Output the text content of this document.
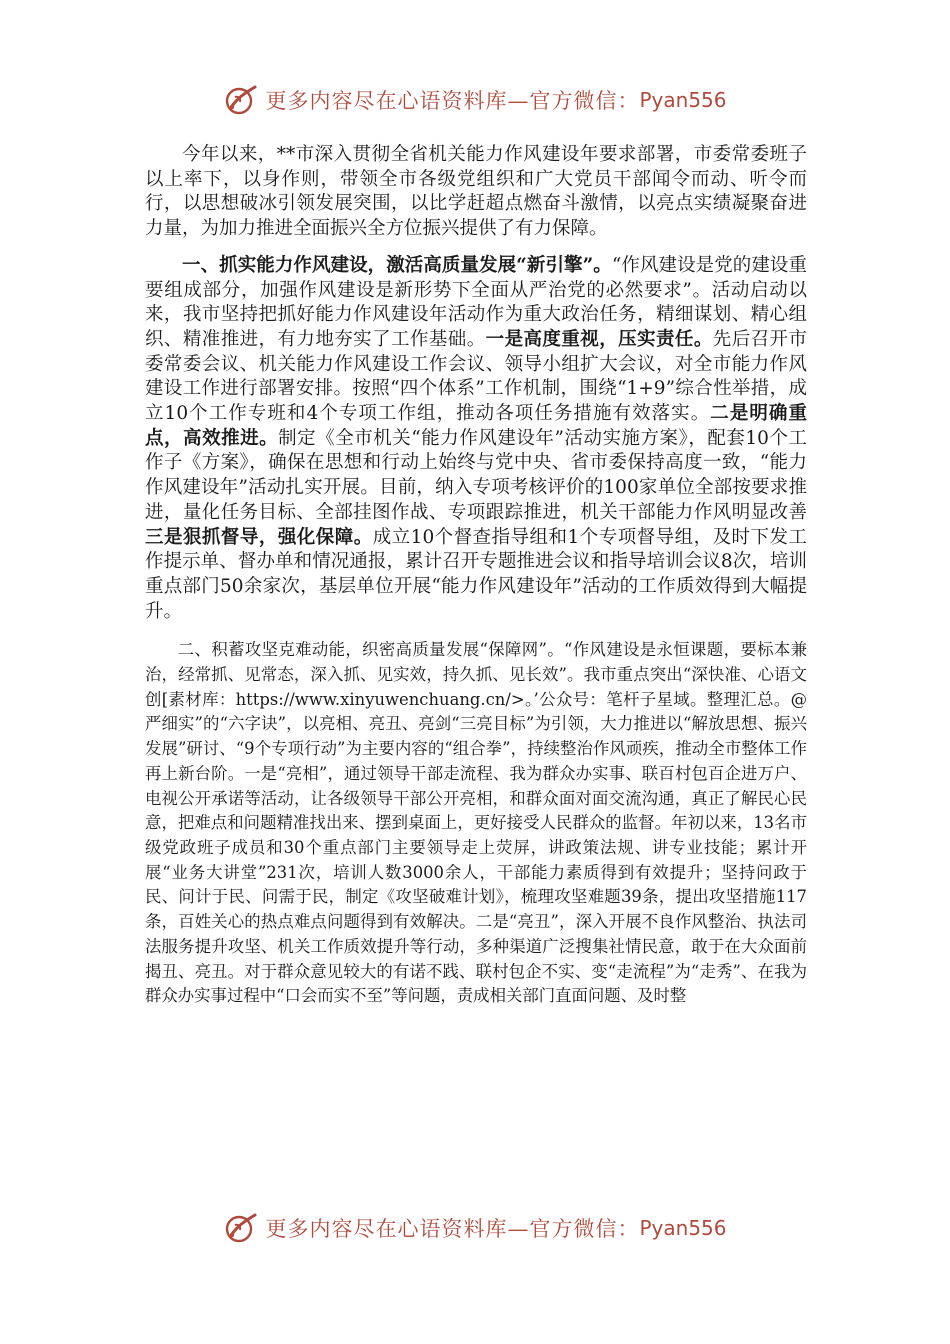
更多内容尽在心语资料库—官方微信： Pyan556

今年以来，**市深入贯彻全省机关能力作风建设年要求部署，市委常委班子以上率下，以身作则，带领全市各级党组织和广大党员干部闻令而动、听令而行，以思想破冰引领发展突围，以比学赶超点燃奋斗激情，以亮点实绩凝聚奋进力量，为加力推进全面振兴全方位振兴提供了有力保障。

一、抓实能力作风建设，激活高质量发展“新引擎”。“作风建设是党的建设重要组成部分，加强作风建设是新形势下全面从严治党的必然要求”。活动启动以来，我市坚持把抓好能力作风建设年活动作为重大政治任务，精细谋划、精心组织、精准推进，有力地夯实了工作基础。一是高度重视，压实责任。先后召开市委常委会议、机关能力作风建设工作会议、领导小组扩大会议，对全市能力作风建设工作进行部署安排。按照“四个体系”工作机制，围绕“1+9”综合性举措，成立10个工作专班和4个专项工作组，推动各项任务措施有效落实。二是明确重点，高效推进。制定《全市机关“能力作风建设年”活动实施方案》，配套10个工作子《方案》，确保在思想和行动上始终与党中央、省市委保持高度一致，“能力作风建设年”活动扎实开展。目前，纳入专项考核评价的100家单位全部按要求推进，量化任务目标、全部挂图作战、专项跟踪推进，机关干部能力作风明显改善三是狠抓督导，强化保障。成立10个督查指导组和1个专项督导组，及时下发工作提示单、督办单和情况通报，累计召开专题推进会议和指导培训会议8次，培训重点部门50余家次，基层单位开展“能力作风建设年”活动的工作质效得到大幅提升。

二、积蓄攻坚克难动能，织密高质量发展“保障网”。“作风建设是永恒课题，要标本兼治，经常抓、见常态，深入抓、见实效，持久抓、见长效”。我市重点突出“深快准、心语文创[素材库：https://www.xinyuwenchuang.cn/>。’公众号：笔杆子星域。整理汇总。@严细实”的“六字诀”，以亮相、亮丑、亮剑“三亮目标”为引领，大力推进以“解放思想、振兴发展”研讨、“9个专项行动”为主要内容的“组合拳”，持续整治作风顽疾，推动全市整体工作再上新台阶。一是“亮相”，通过领导干部走流程、我为群众办实事、联百村包百企进万户、电视公开承诺等活动，让各级领导干部公开亮相，和群众面对面交流沟通，真正了解民心民意，把难点和问题精准找出来、摆到桌面上，更好接受人民群众的监督。年初以来，13名市级党政班子成员和30个重点部门主要领导走上荧屏，讲政策法规、讲专业技能；累计开展“业务大讲堂”231次，培训人数3000余人，干部能力素质得到有效提升；坚持问政于民、问计于民、问需于民，制定《攻坚破难计划》，梳理攻坚难题39条，提出攻坚措施117条，百姓关心的热点难点问题得到有效解决。二是“亮丑”，深入开展不良作风整治、执法司法服务提升攻坚、机关工作质效提升等行动，多种渠道广泛搜集社情民意，敢于在大众面前揭丑、亮丑。对于群众意见较大的有诺不践、联村包企不实、变“走流程”为“走秀”、在我为群众办实事过程中“口会而实不至”等问题，责成相关部门直面问题、及时整

更多内容尽在心语资料库—官方微信： Pyan556
